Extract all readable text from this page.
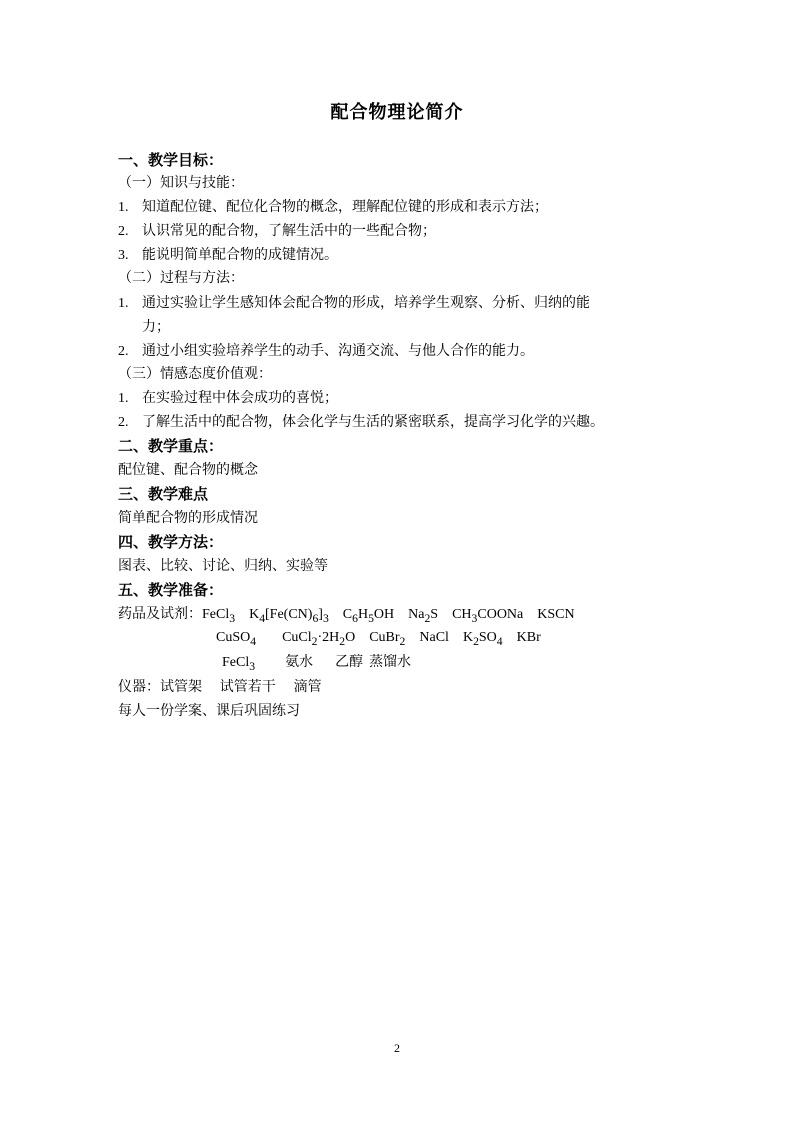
配合物理论简介
一、教学目标：
（一）知识与技能：
1. 知道配位键、配位化合物的概念，理解配位键的形成和表示方法；
2. 认识常见的配合物，了解生活中的一些配合物；
3. 能说明简单配合物的成键情况。
（二）过程与方法：
1. 通过实验让学生感知体会配合物的形成，培养学生观察、分析、归纳的能
力；
2. 通过小组实验培养学生的动手、沟通交流、与他人合作的能力。
（三）情感态度价值观：
1. 在实验过程中体会成功的喜悦；
2. 了解生活中的配合物，体会化学与生活的紧密联系，提高学习化学的兴趣。
二、教学重点：
配位键、配合物的概念
三、教学难点
简单配合物的形成情况
四、教学方法：
图表、比较、讨论、归纳、实验等
五、教学准备：
药品及试剂：FeCl$_3$ $K_4[Fe(CN)_6]_3$ $C_6H_5OH$ $Na_2S$ $CH_3COONa$ KSCN
CuSO$_4$ $CuCl_2\cdot 2H_2O$ CuBr$_2$ NaCl $K_2SO_4$ KBr
FeCl$_3$ 氨水 乙醇 蒸馏水
仪器：试管架    试管若干    滴管
每人一份学案、课后巩固练习
2
